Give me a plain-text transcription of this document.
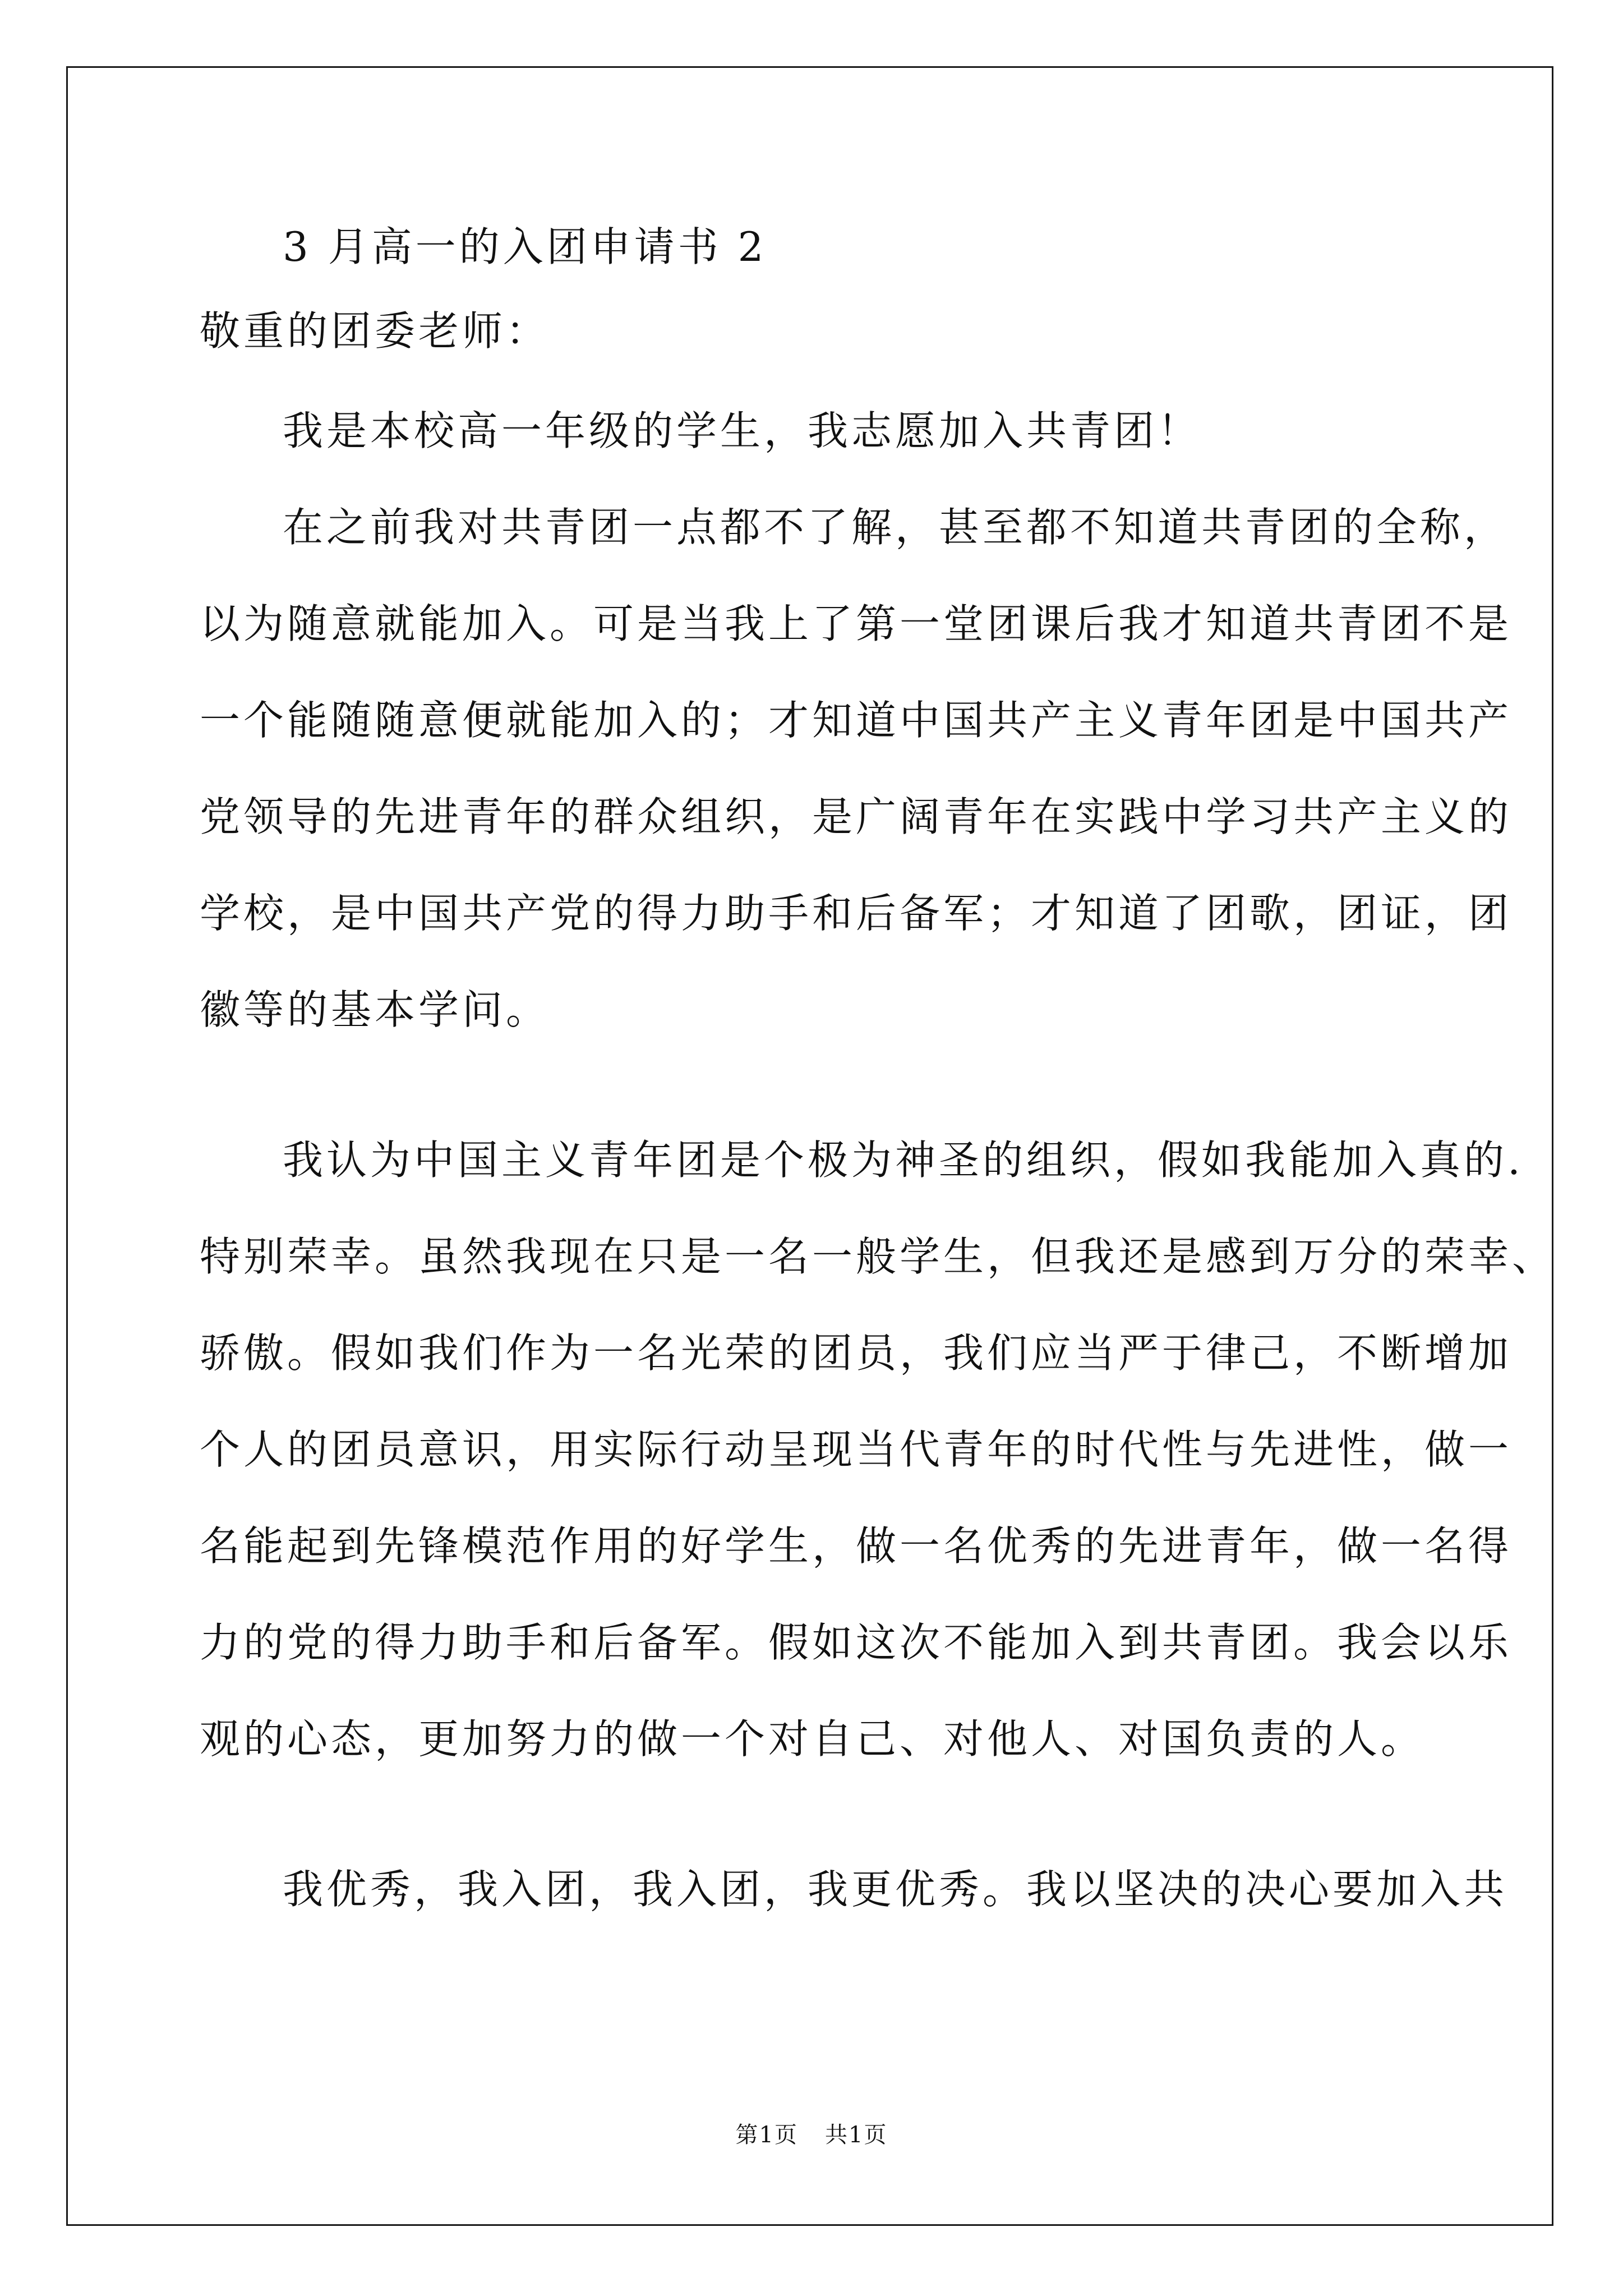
3 月高一的入团申请书 2
敬重的团委老师：
我是本校高一年级的学生，我志愿加入共青团！
在之前我对共青团一点都不了解，甚至都不知道共青团的全称，
以为随意就能加入。可是当我上了第一堂团课后我才知道共青团不是
一个能随随意便就能加入的；才知道中国共产主义青年团是中国共产
党领导的先进青年的群众组织，是广阔青年在实践中学习共产主义的
学校，是中国共产党的得力助手和后备军；才知道了团歌，团证，团
徽等的基本学问。
我认为中国主义青年团是个极为神圣的组织，假如我能加入真的.
特别荣幸。虽然我现在只是一名一般学生，但我还是感到万分的荣幸、
骄傲。假如我们作为一名光荣的团员，我们应当严于律己，不断增加
个人的团员意识，用实际行动呈现当代青年的时代性与先进性，做一
名能起到先锋模范作用的好学生，做一名优秀的先进青年，做一名得
力的党的得力助手和后备军。假如这次不能加入到共青团。我会以乐
观的心态，更加努力的做一个对自己、对他人、对国负责的人。
我优秀，我入团，我入团，我更优秀。我以坚决的决心要加入共
第1页 共1页
